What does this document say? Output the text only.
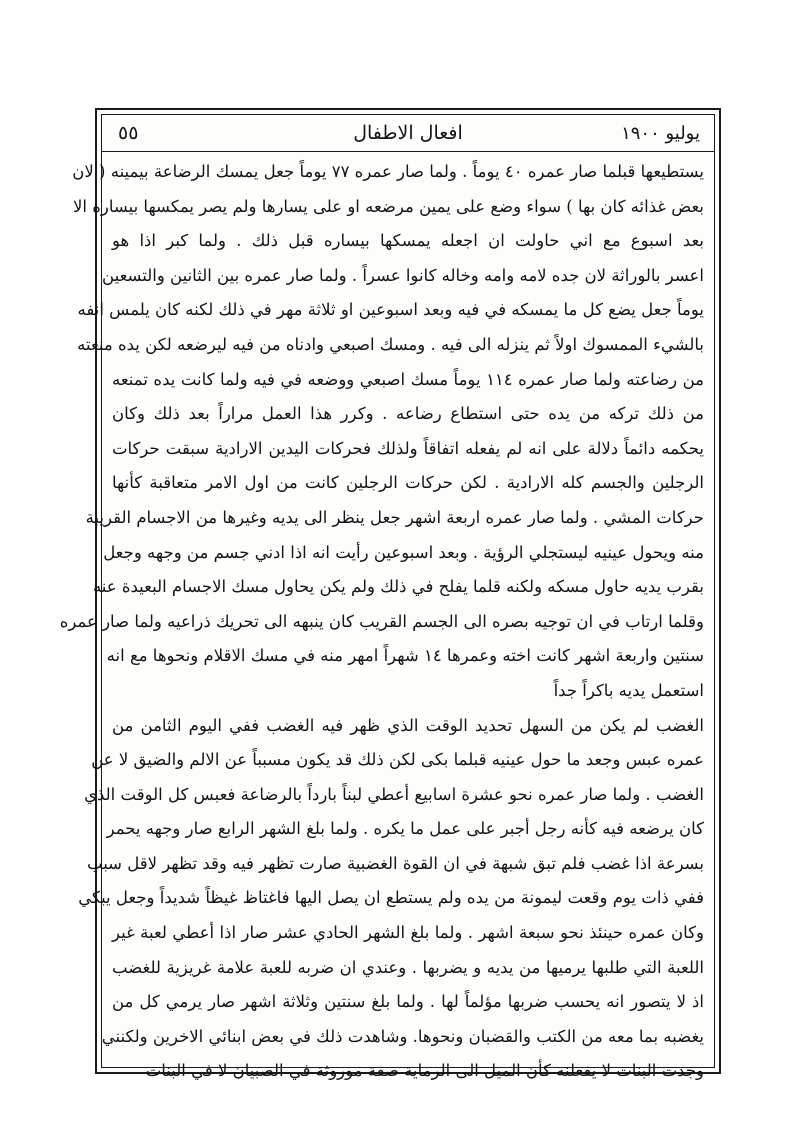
يوليو ١٩٠٠
افعال الاطفال
٥٥
يستطيعها قبلما صار عمره ٤٠ يوماً . ولما صار عمره ٧٧ يوماً جعل يمسك الرضاعة بيمينه ( لان
بعض غذائه كان بها ) سواء وضع على يمين مرضعه او على يسارها ولم يصر يمكسها بيساره الا
بعد اسبوع مع اني حاولت ان اجعله يمسكها بيساره قبل ذلك . ولما كبر اذا هو
اعسر بالوراثة لان جده لامه وامه وخاله كانوا عسراً . ولما صار عمره بين الثانين والتسعين
يوماً جعل يضع كل ما يمسكه في فيه وبعد اسبوعين او ثلاثة مهر في ذلك لكنه كان يلمس انفه
بالشيء الممسوك اولاً ثم ينزله الى فيه . ومسك اصبعي وادناه من فيه ليرضعه لكن يده منعته
من رضاعته ولما صار عمره ١١٤ يوماً مسك اصبعي ووضعه في فيه ولما كانت يده تمنعه
من ذلك تركه من يده حتى استطاع رضاعه . وكرر هذا العمل مراراً بعد ذلك وكان
يحكمه دائماً دلالة على انه لم يفعله اتفاقاً ولذلك فحركات اليدين الارادية سبقت حركات
الرجلين والجسم كله الارادية . لكن حركات الرجلين كانت من اول الامر متعاقبة كأنها
حركات المشي . ولما صار عمره اربعة اشهر جعل ينظر الى يديه وغيرها من الاجسام القريبة
منه ويحول عينيه ليستجلي الرؤية . وبعد اسبوعين رأيت انه اذا ادني جسم من وجهه وجعل
بقرب يديه حاول مسكه ولكنه قلما يفلح في ذلك ولم يكن يحاول مسك الاجسام البعيدة عنه
وقلما ارتاب في ان توجيه بصره الى الجسم القريب كان ينبهه الى تحريك ذراعيه ولما صار عمره
سنتين واربعة اشهر كانت اخته وعمرها ١٤ شهراً امهر منه في مسك الاقلام ونحوها مع انه
استعمل يديه باكراً جداً
الغضب لم يكن من السهل تحديد الوقت الذي ظهر فيه الغضب ففي اليوم الثامن من
عمره عبس وجعد ما حول عينيه قبلما بكى لكن ذلك قد يكون مسبباً عن الالم والضيق لا عن
الغضب . ولما صار عمره نحو عشرة اسابيع أعطي لبناً بارداً بالرضاعة فعبس كل الوقت الذي
كان يرضعه فيه كأنه رجل أجبر على عمل ما يكره . ولما بلغ الشهر الرابع صار وجهه يحمر
بسرعة اذا غضب فلم تبق شبهة في ان القوة الغضبية صارت تظهر فيه وقد تظهر لاقل سبب
ففي ذات يوم وقعت ليمونة من يده ولم يستطع ان يصل اليها فاغتاظ غيظاً شديداً وجعل يبكي
وكان عمره حينئذ نحو سبعة اشهر . ولما بلغ الشهر الحادي عشر صار اذا أعطي لعبة غير
اللعبة التي طلبها يرميها من يديه و يضربها . وعندي ان ضربه للعبة علامة غريزية للغضب
اذ لا يتصور انه يحسب ضربها مؤلماً لها . ولما بلغ سنتين وثلاثة اشهر صار يرمي كل من
يغضبه بما معه من الكتب والقضبان ونحوها. وشاهدت ذلك في بعض ابنائي الاخرين ولكنني
وجدت البنات لا يفعلنه كأن الميل الى الرماية صفة موروثة في الصبيان لا في البنات
